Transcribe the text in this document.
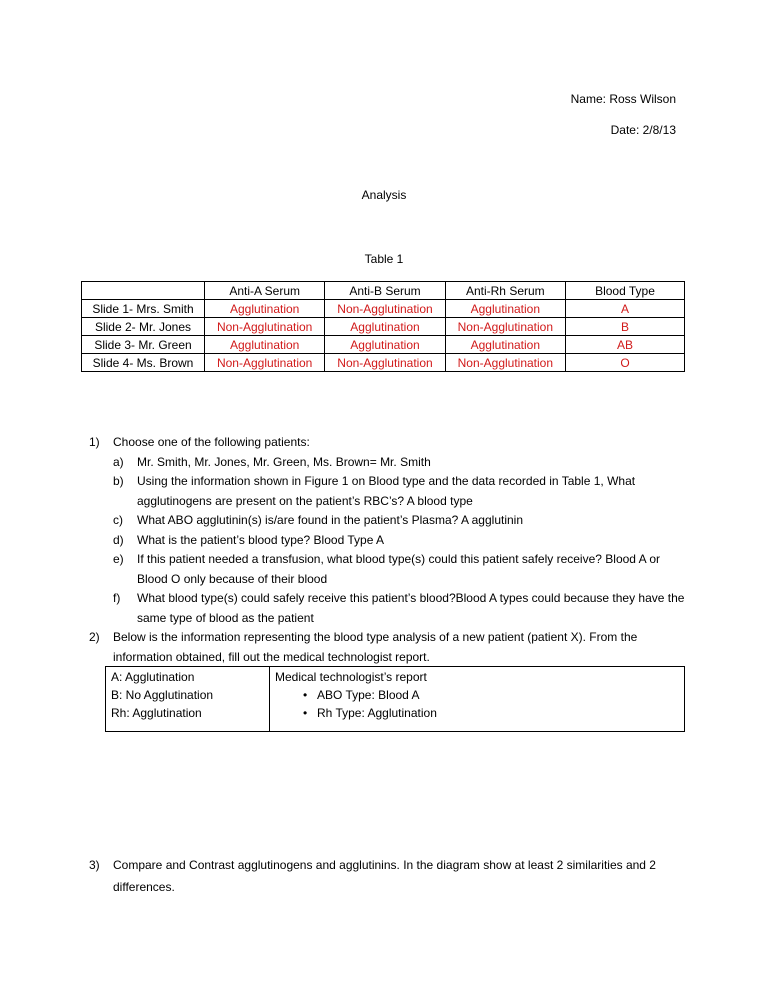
Name: Ross Wilson
Date: 2/8/13
Analysis
Table 1
	Anti-A Serum	Anti-B Serum	Anti-Rh Serum	Blood Type
Slide 1- Mrs. Smith	Agglutination	Non-Agglutination	Agglutination	A
Slide 2- Mr. Jones	Non-Agglutination	Agglutination	Non-Agglutination	B
Slide 3- Mr. Green	Agglutination	Agglutination	Agglutination	AB
Slide 4- Ms. Brown	Non-Agglutination	Non-Agglutination	Non-Agglutination	O
1) Choose one of the following patients:
a) Mr. Smith, Mr. Jones, Mr. Green, Ms. Brown= Mr. Smith
b) Using the information shown in Figure 1 on Blood type and the data recorded in Table 1, What agglutinogens are present on the patient’s RBC’s? A blood type
c) What ABO agglutinin(s) is/are found in the patient’s Plasma? A agglutinin
d) What is the patient’s blood type? Blood Type A
e) If this patient needed a transfusion, what blood type(s) could this patient safely receive? Blood A or Blood O only because of their blood
f) What blood type(s) could safely receive this patient’s blood?Blood A types could because they have the same type of blood as the patient
2) Below is the information representing the blood type analysis of a new patient (patient X). From the information obtained, fill out the medical technologist report.
A: Agglutination
B: No Agglutination
Rh: Agglutination

Medical technologist’s report
• ABO Type: Blood A
• Rh Type: Agglutination
3) Compare and Contrast agglutinogens and agglutinins. In the diagram show at least 2 similarities and 2 differences.
